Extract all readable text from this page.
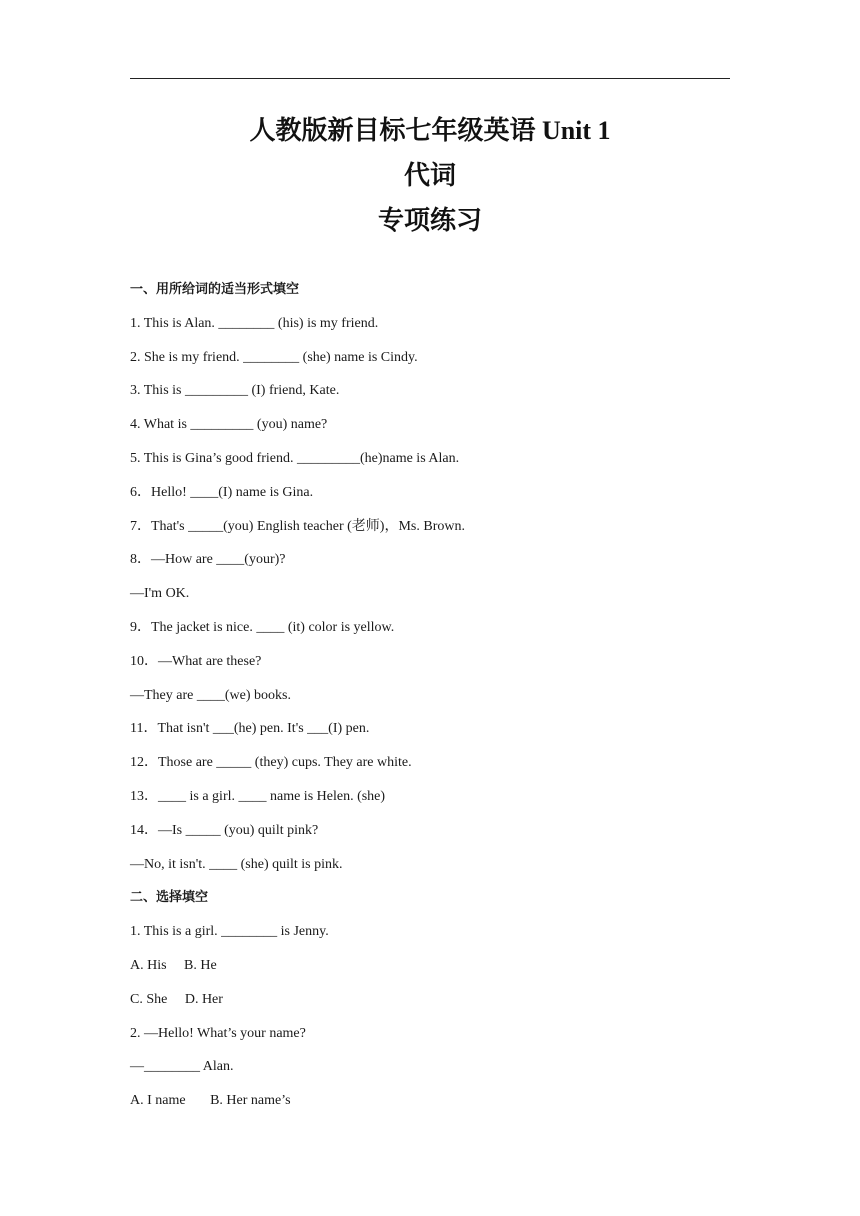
人教版新目标七年级英语 Unit 1
代词
专项练习
一、用所给词的适当形式填空
1. This is Alan. ________ (his) is my friend.
2. She is my friend. ________ (she) name is Cindy.
3. This is _________ (I) friend, Kate.
4. What is _________ (you) name?
5. This is Gina’s good friend. _________(he)name is Alan.
6．Hello! ____(I) name is Gina.
7．That's _____(you) English teacher (老师)，Ms. Brown.
8．—How are ____(your)?
—I'm OK.
9．The jacket is nice. ____ (it) color is yellow.
10．—What are these?
—They are ____(we) books.
11．That isn't ___(he) pen. It's ___(I) pen.
12．Those are _____ (they) cups. They are white.
13．____ is a girl. ____ name is Helen. (she)
14．—Is _____ (you) quilt pink?
—No, it isn't. ____ (she) quilt is pink.
二、选择填空
1. This is a girl. ________ is Jenny.
A. His     B. He
C. She     D. Her
2. —Hello! What’s your name?
—________ Alan.
A. I name       B. Her name’s
